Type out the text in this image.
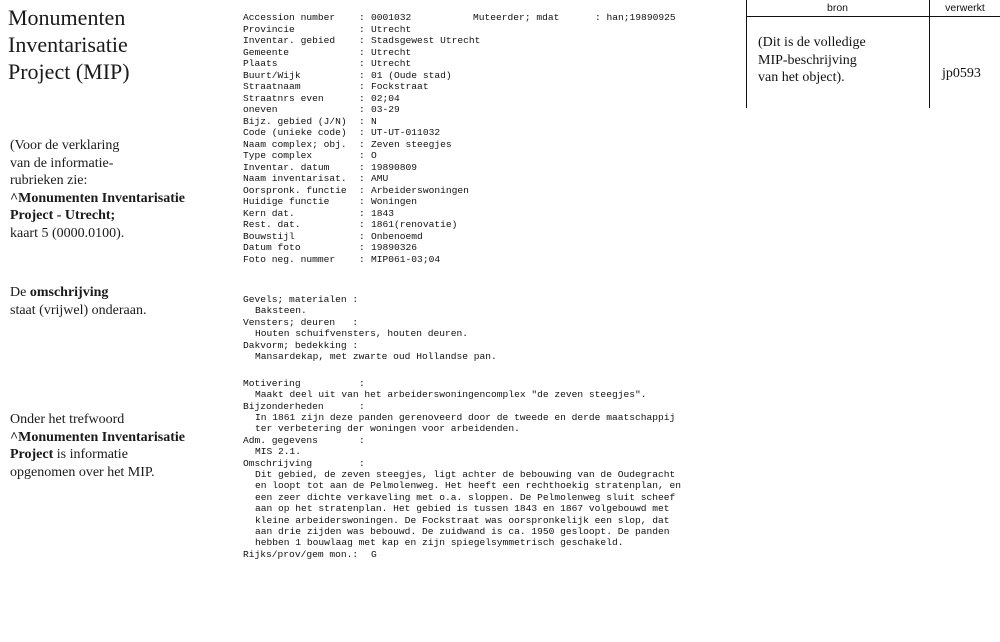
Monumenten
Inventarisatie
Project (MIP)
(Voor de verklaring
van de informatie-
rubrieken zie:
^Monumenten Inventarisatie
Project - Utrecht;
kaart 5 (0000.0100).
De omschrijving
staat (vrijwel) onderaan.
Onder het trefwoord
^Monumenten Inventarisatie
Project is informatie
opgenomen over het MIP.
Muteerder; mdat	: han;19890925
Accession number : 0001032
Provincie	: Utrecht
Inventar. gebied : Stadsgewest Utrecht
Gemeente	: Utrecht
Plaats	: Utrecht
Buurt/Wijk	: 01 (Oude stad)
Straatnaam	: Fockstraat
Straatnrs even	: 02;04
oneven	: 03-29
Bijz. gebied (J/N) : N
Code (unieke code) : UT-UT-011032
Naam complex; obj. : Zeven steegjes
Type complex	: O
Inventar. datum	: 19890809
Naam inventarisat. : AMU
Oorspronk. functie : Arbeiderswoningen
Huidige functie	: Woningen
Kern dat.	: 1843
Rest. dat.	: 1861(renovatie)
Bouwstijl	: Onbenoemd
Datum foto	: 19890326
Foto neg. nummer : MIP061-03;04
Gevels; materialen :
Baksteen.
Vensters; deuren   :
Houten schuifvensters, houten deuren.
Dakvorm; bedekking :
Mansardekap, met zwarte oud Hollandse pan.
Motivering	:
Maakt deel uit van het arbeiderswoningencomplex "de zeven steegjes".
Bijzonderheden	:
In 1861 zijn deze panden gerenoveerd door de tweede en derde maatschappij
ter verbetering der woningen voor arbeidenden.
Adm. gegevens	:
MIS 2.1.
Omschrijving	:
Dit gebied, de zeven steegjes, ligt achter de bebouwing van de Oudegracht
en loopt tot aan de Pelmolenweg. Het heeft een rechthoekig stratenplan, en
een zeer dichte verkaveling met o.a. sloppen. De Pelmolenweg sluit scheef
aan op het stratenplan. Het gebied is tussen 1843 en 1867 volgebouwd met
kleine arbeiderswoningen. De Fockstraat was oorspronkelijk een slop, dat
aan drie zijden was bebouwd. De zuidwand is ca. 1950 gesloopt. De panden
hebben 1 bouwlaag met kap en zijn spiegelsymmetrisch geschakeld.
Rijks/prov/gem mon.: G
bron	verwerkt
(Dit is de volledige
MIP-beschrijving
van het object).	jp0593
